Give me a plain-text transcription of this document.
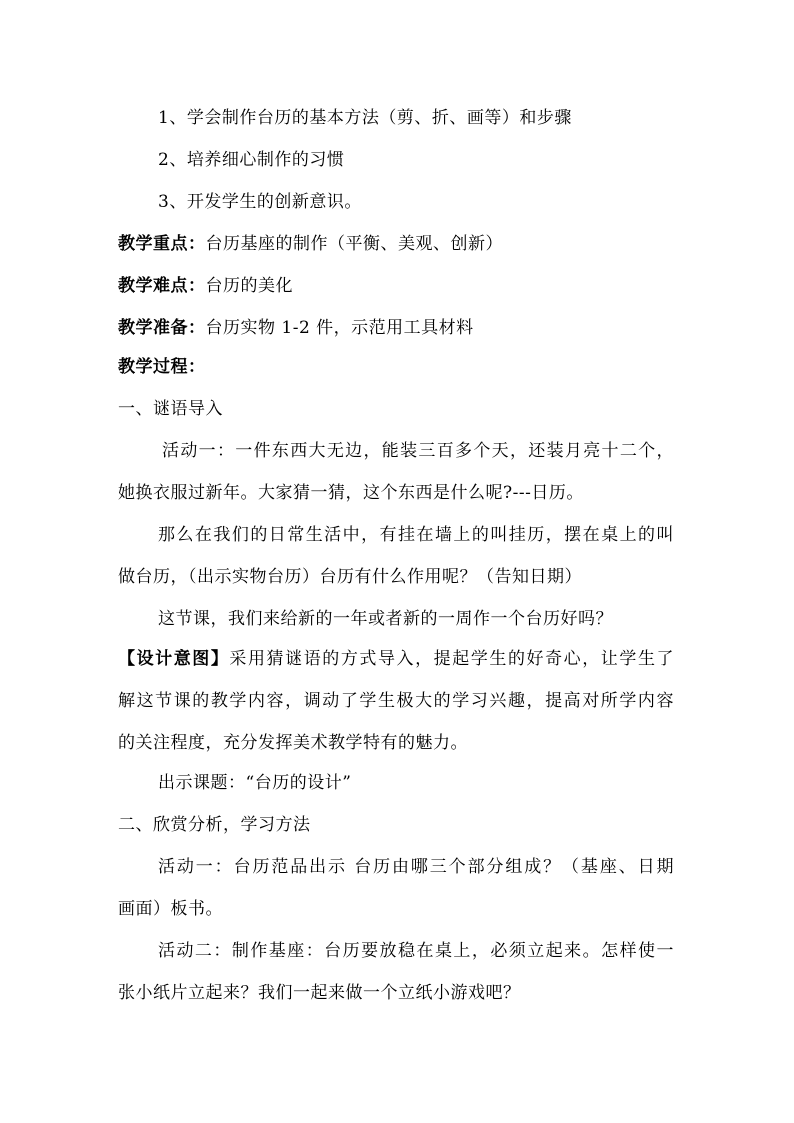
1、学会制作台历的基本方法（剪、折、画等）和步骤
2、培养细心制作的习惯
3、开发学生的创新意识。
教学重点：台历基座的制作（平衡、美观、创新）
教学难点：台历的美化
教学准备：台历实物 1-2 件，示范用工具材料
教学过程：
一、谜语导入
活动一：一件东西大无边，能装三百多个天，还装月亮十二个，
她换衣服过新年。大家猜一猜，这个东西是什么呢?---日历。
那么在我们的日常生活中，有挂在墙上的叫挂历，摆在桌上的叫
做台历，（出示实物台历）台历有什么作用呢？（告知日期）
这节课，我们来给新的一年或者新的一周作一个台历好吗？
【设计意图】采用猜谜语的方式导入，提起学生的好奇心，让学生了
解这节课的教学内容，调动了学生极大的学习兴趣，提高对所学内容
的关注程度，充分发挥美术教学特有的魅力。
出示课题：“台历的设计”
二、欣赏分析，学习方法
活动一：台历范品出示 台历由哪三个部分组成？（基座、日期
画面）板书。
活动二：制作基座：台历要放稳在桌上，必须立起来。怎样使一
张小纸片立起来？我们一起来做一个立纸小游戏吧？
